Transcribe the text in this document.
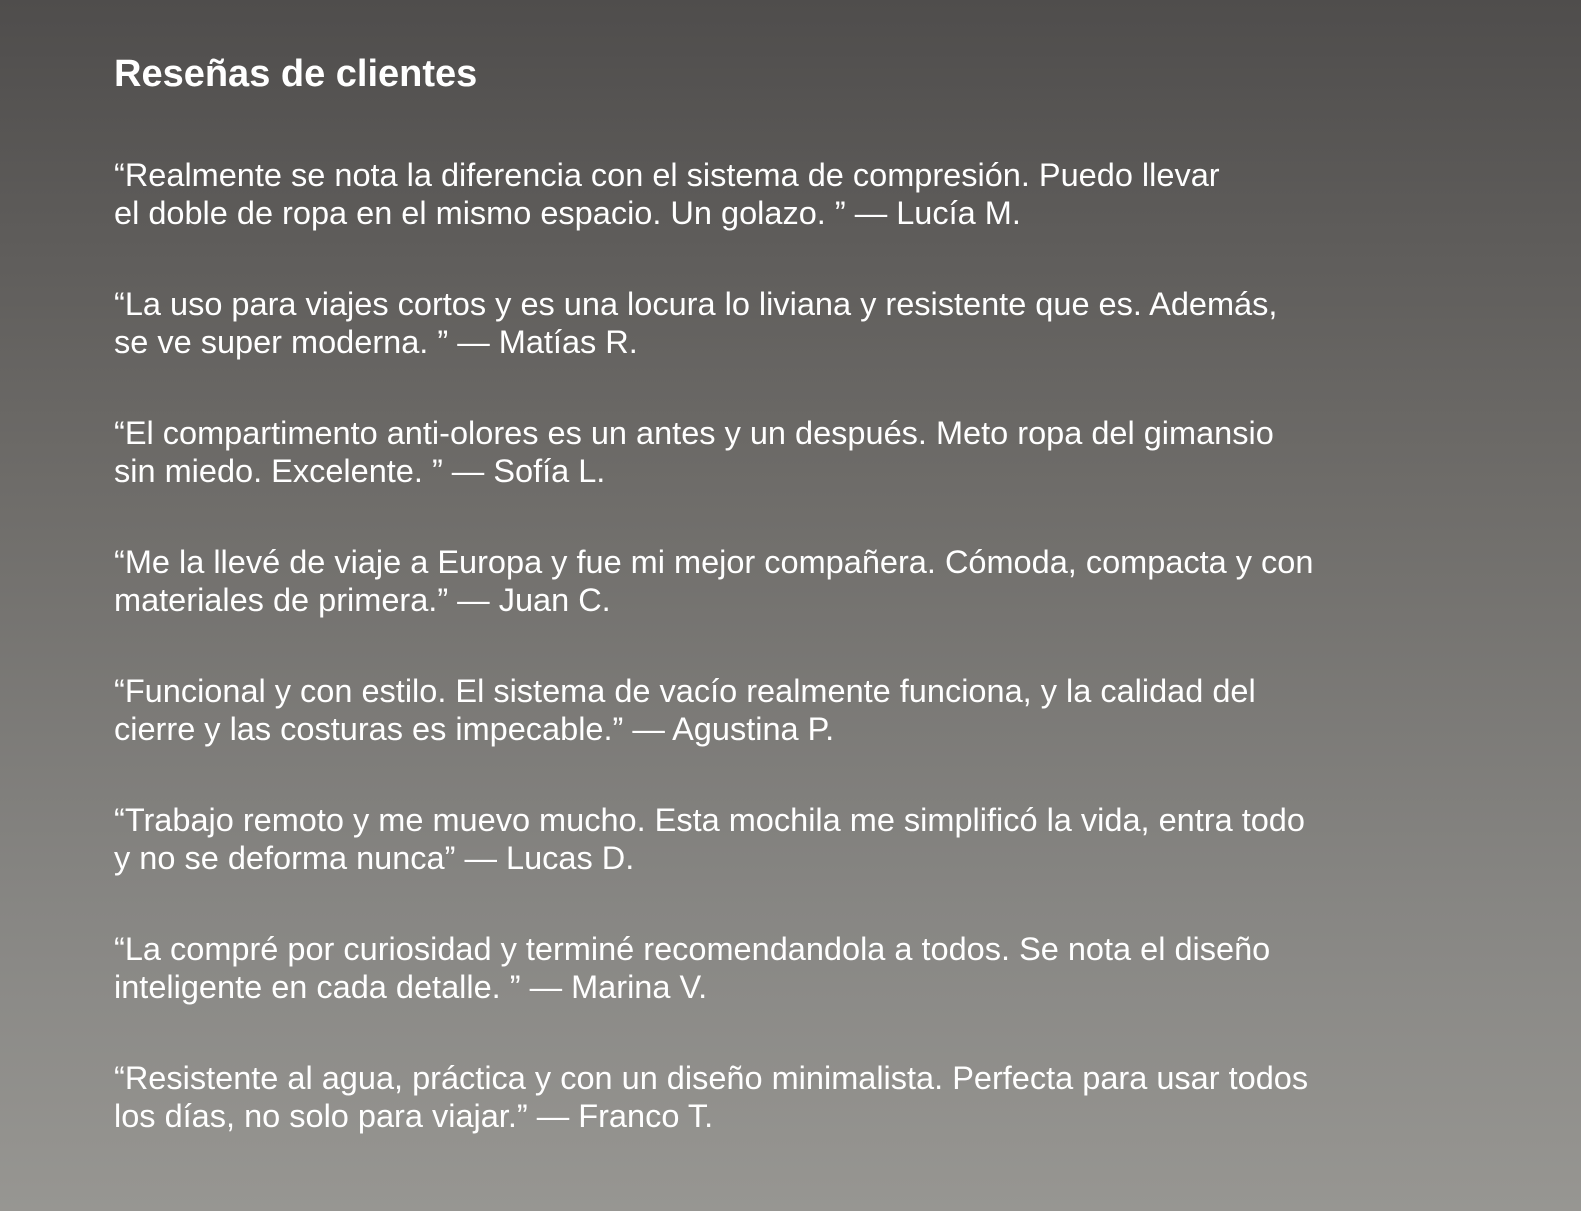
Reseñas de clientes
“Realmente se nota la diferencia con el sistema de compresión. Puedo llevar
el doble de ropa en el mismo espacio. Un golazo. ” — Lucía M.
“La uso para viajes cortos y es una locura lo liviana y resistente que es. Además,
se ve super moderna. ” — Matías R.
“El compartimento anti-olores es un antes y un después. Meto ropa del gimansio
sin miedo. Excelente. ” — Sofía L.
“Me la llevé de viaje a Europa y fue mi mejor compañera. Cómoda, compacta y con
materiales de primera.” — Juan C.
“Funcional y con estilo. El sistema de vacío realmente funciona, y la calidad del
cierre y las costuras es impecable.” — Agustina P.
“Trabajo remoto y me muevo mucho. Esta mochila me simplificó la vida, entra todo
y no se deforma nunca” — Lucas D.
“La compré por curiosidad y terminé recomendandola a todos. Se nota el diseño
inteligente en cada detalle. ” — Marina V.
“Resistente al agua, práctica y con un diseño minimalista. Perfecta para usar todos
los días, no solo para viajar.” — Franco T.
